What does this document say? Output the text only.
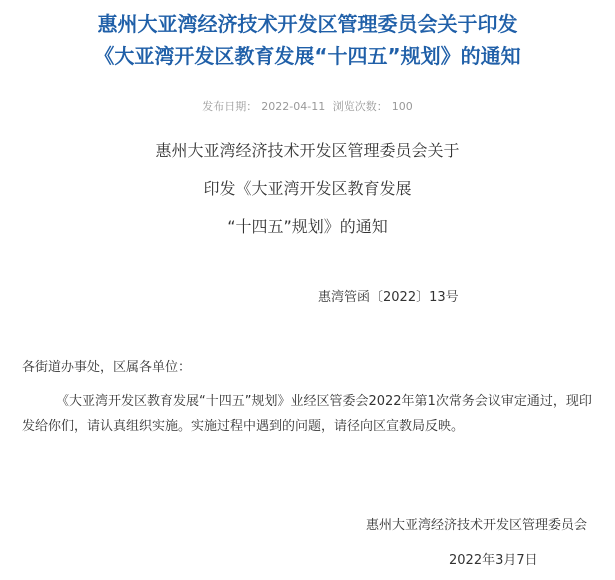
惠州大亚湾经济技术开发区管理委员会关于印发
《大亚湾开发区教育发展“十四五”规划》的通知
发布日期： 2022-04-11 浏览次数： 100
惠州大亚湾经济技术开发区管理委员会关于
印发《大亚湾开发区教育发展
“十四五”规划》的通知
惠湾管函〔2022〕13号
各街道办事处，区属各单位：
《大亚湾开发区教育发展“十四五”规划》业经区管委会2022年第1次常务会议审定通过，现印发给你们，请认真组织实施。实施过程中遇到的问题，请径向区宣教局反映。
惠州大亚湾经济技术开发区管理委员会
2022年3月7日
